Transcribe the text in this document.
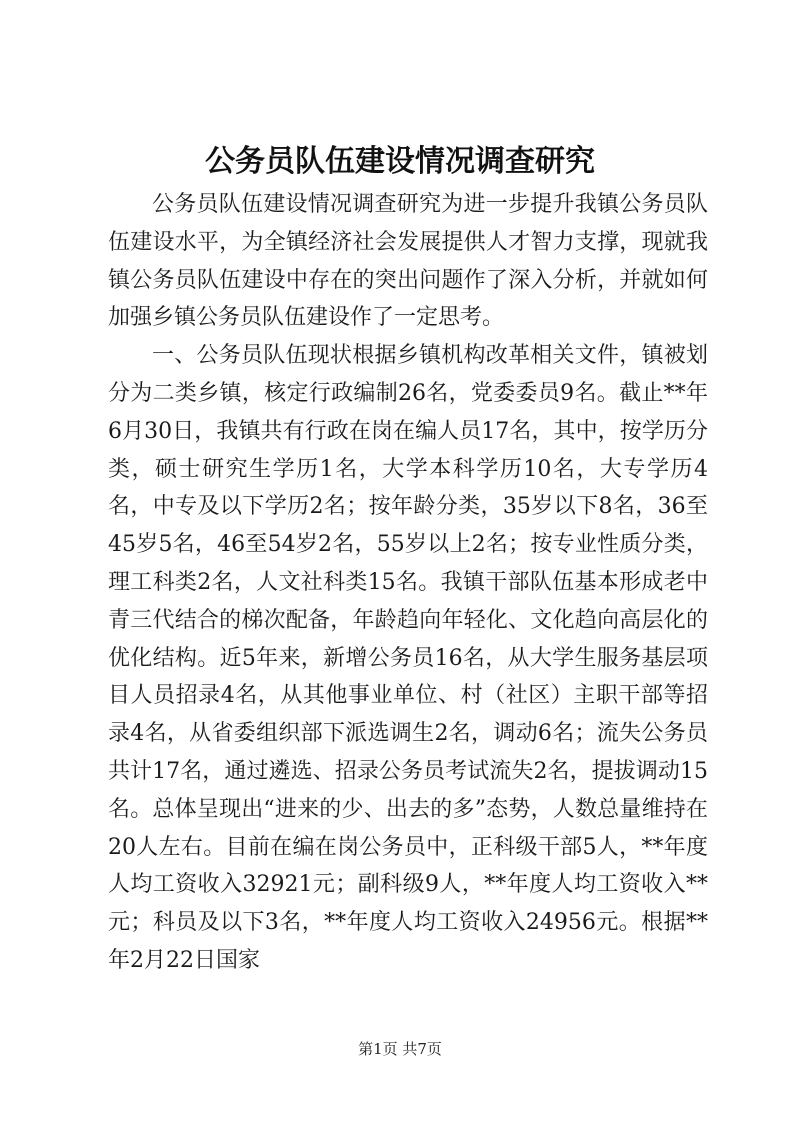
公务员队伍建设情况调查研究

公务员队伍建设情况调查研究为进一步提升我镇公务员队伍建设水平，为全镇经济社会发展提供人才智力支撑，现就我镇公务员队伍建设中存在的突出问题作了深入分析，并就如何加强乡镇公务员队伍建设作了一定思考。

一、公务员队伍现状根据乡镇机构改革相关文件，镇被划分为二类乡镇，核定行政编制26名，党委委员9名。截止**年6月30日，我镇共有行政在岗在编人员17名，其中，按学历分类，硕士研究生学历1名，大学本科学历10名，大专学历4名，中专及以下学历2名；按年龄分类，35岁以下8名，36至45岁5名，46至54岁2名，55岁以上2名；按专业性质分类，理工科类2名，人文社科类15名。我镇干部队伍基本形成老中青三代结合的梯次配备，年龄趋向年轻化、文化趋向高层化的优化结构。近5年来，新增公务员16名，从大学生服务基层项目人员招录4名，从其他事业单位、村（社区）主职干部等招录4名，从省委组织部下派选调生2名，调动6名；流失公务员共计17名，通过遴选、招录公务员考试流失2名，提拔调动15名。总体呈现出“进来的少、出去的多”态势，人数总量维持在20人左右。目前在编在岗公务员中，正科级干部5人，**年度人均工资收入32921元；副科级9人，**年度人均工资收入**元；科员及以下3名，**年度人均工资收入24956元。根据**年2月22日国家

第1页 共7页
